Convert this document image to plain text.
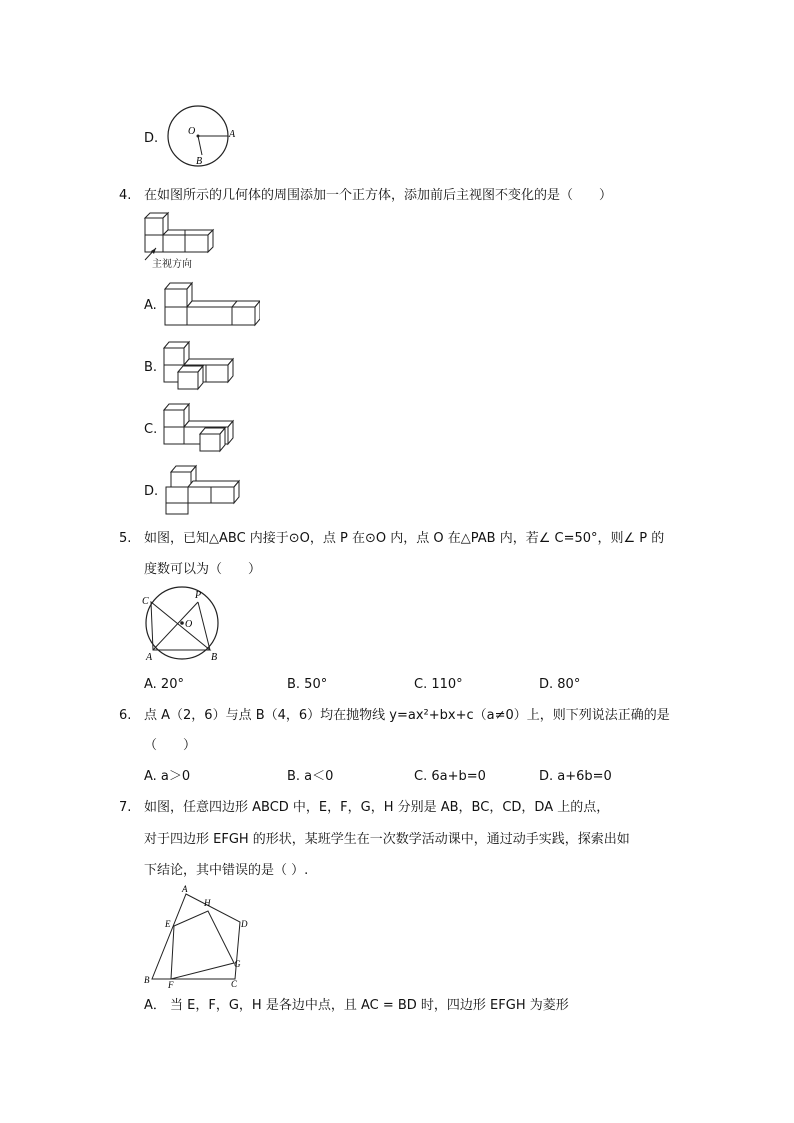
D.	O	A
B
4. 在如图所示的几何体的周围添加一个正方体，添加前后主视图不变化的是（　　）
主视方向
A.
B.
C.
D.
5. 如图，已知△ABC 内接于⊙O，点 P 在⊙O 内，点 O 在△PAB 内，若∠ C=50°，则∠ P 的
度数可以为（　　）
C
P
O
A	B
A. 20°	B. 50°	C. 110°	D. 80°
6. 点 A（2，6）与点 B（4，6）均在抛物线 y=ax²+bx+c（a≠0）上，则下列说法正确的是
（　　）
A. a＞0	B. a＜0	C. 6a+b=0	D. a+6b=0
7. 如图，任意四边形 ABCD 中，E，F，G，H 分别是 AB，BC，CD，DA 上的点，
对于四边形 EFGH 的形状，某班学生在一次数学活动课中，通过动手实践，探索出如
下结论，其中错误的是（ ）.
A
H
E	D
G
B F	C
A． 当 E，F，G，H 是各边中点，且 AC = BD 时，四边形 EFGH 为菱形
